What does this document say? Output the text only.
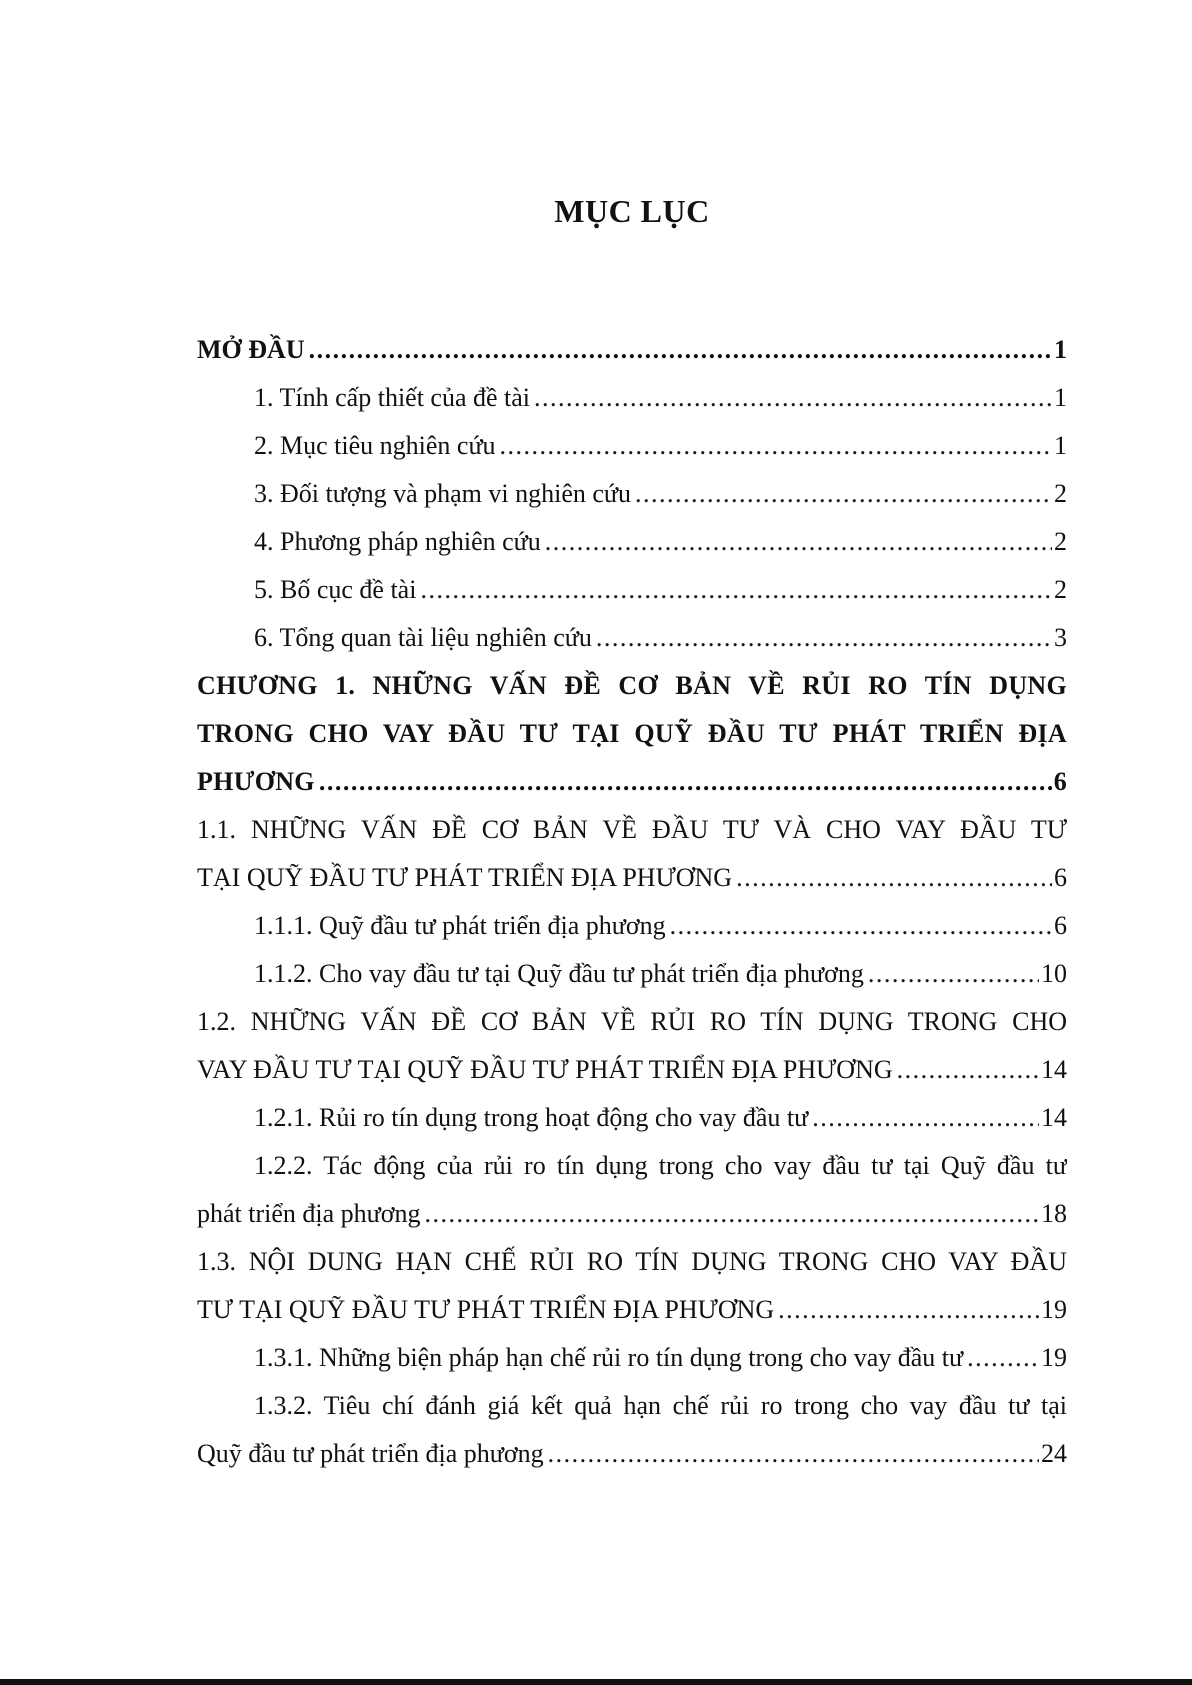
MỤC LỤC
MỞ ĐẦU .....	1
1. Tính cấp thiết của đề tài .....	1
2. Mục tiêu nghiên cứu .....	1
3. Đối tượng và phạm vi nghiên cứu .....	2
4. Phương pháp nghiên cứu .....	2
5. Bố cục đề tài .....	2
6. Tổng quan tài liệu nghiên cứu .....	3
CHƯƠNG 1. NHỮNG VẤN ĐỀ CƠ BẢN VỀ RỦI RO TÍN DỤNG
TRONG CHO VAY ĐẦU TƯ TẠI QUỸ ĐẦU TƯ PHÁT TRIỂN ĐỊA
PHƯƠNG .....	6
1.1. NHỮNG VẤN ĐỀ CƠ BẢN VỀ ĐẦU TƯ VÀ CHO VAY ĐẦU TƯ
TẠI QUỸ ĐẦU TƯ PHÁT TRIỂN ĐỊA PHƯƠNG .....	6
1.1.1. Quỹ đầu tư phát triển địa phương .....	6
1.1.2. Cho vay đầu tư tại Quỹ đầu tư phát triển địa phương .....	10
1.2. NHỮNG VẤN ĐỀ CƠ BẢN VỀ RỦI RO TÍN DỤNG TRONG CHO
VAY ĐẦU TƯ TẠI QUỸ ĐẦU TƯ PHÁT TRIỂN ĐỊA PHƯƠNG .....	14
1.2.1. Rủi ro tín dụng trong hoạt động cho vay đầu tư .....	14
1.2.2. Tác động của rủi ro tín dụng trong cho vay đầu tư tại Quỹ đầu tư
phát triển địa phương .....	18
1.3. NỘI DUNG HẠN CHẾ RỦI RO TÍN DỤNG TRONG CHO VAY ĐẦU
TƯ TẠI QUỸ ĐẦU TƯ PHÁT TRIỂN ĐỊA PHƯƠNG .....	19
1.3.1. Những biện pháp hạn chế rủi ro tín dụng trong cho vay đầu tư .....	19
1.3.2. Tiêu chí đánh giá kết quả hạn chế rủi ro trong cho vay đầu tư tại
Quỹ đầu tư phát triển địa phương .....	24
